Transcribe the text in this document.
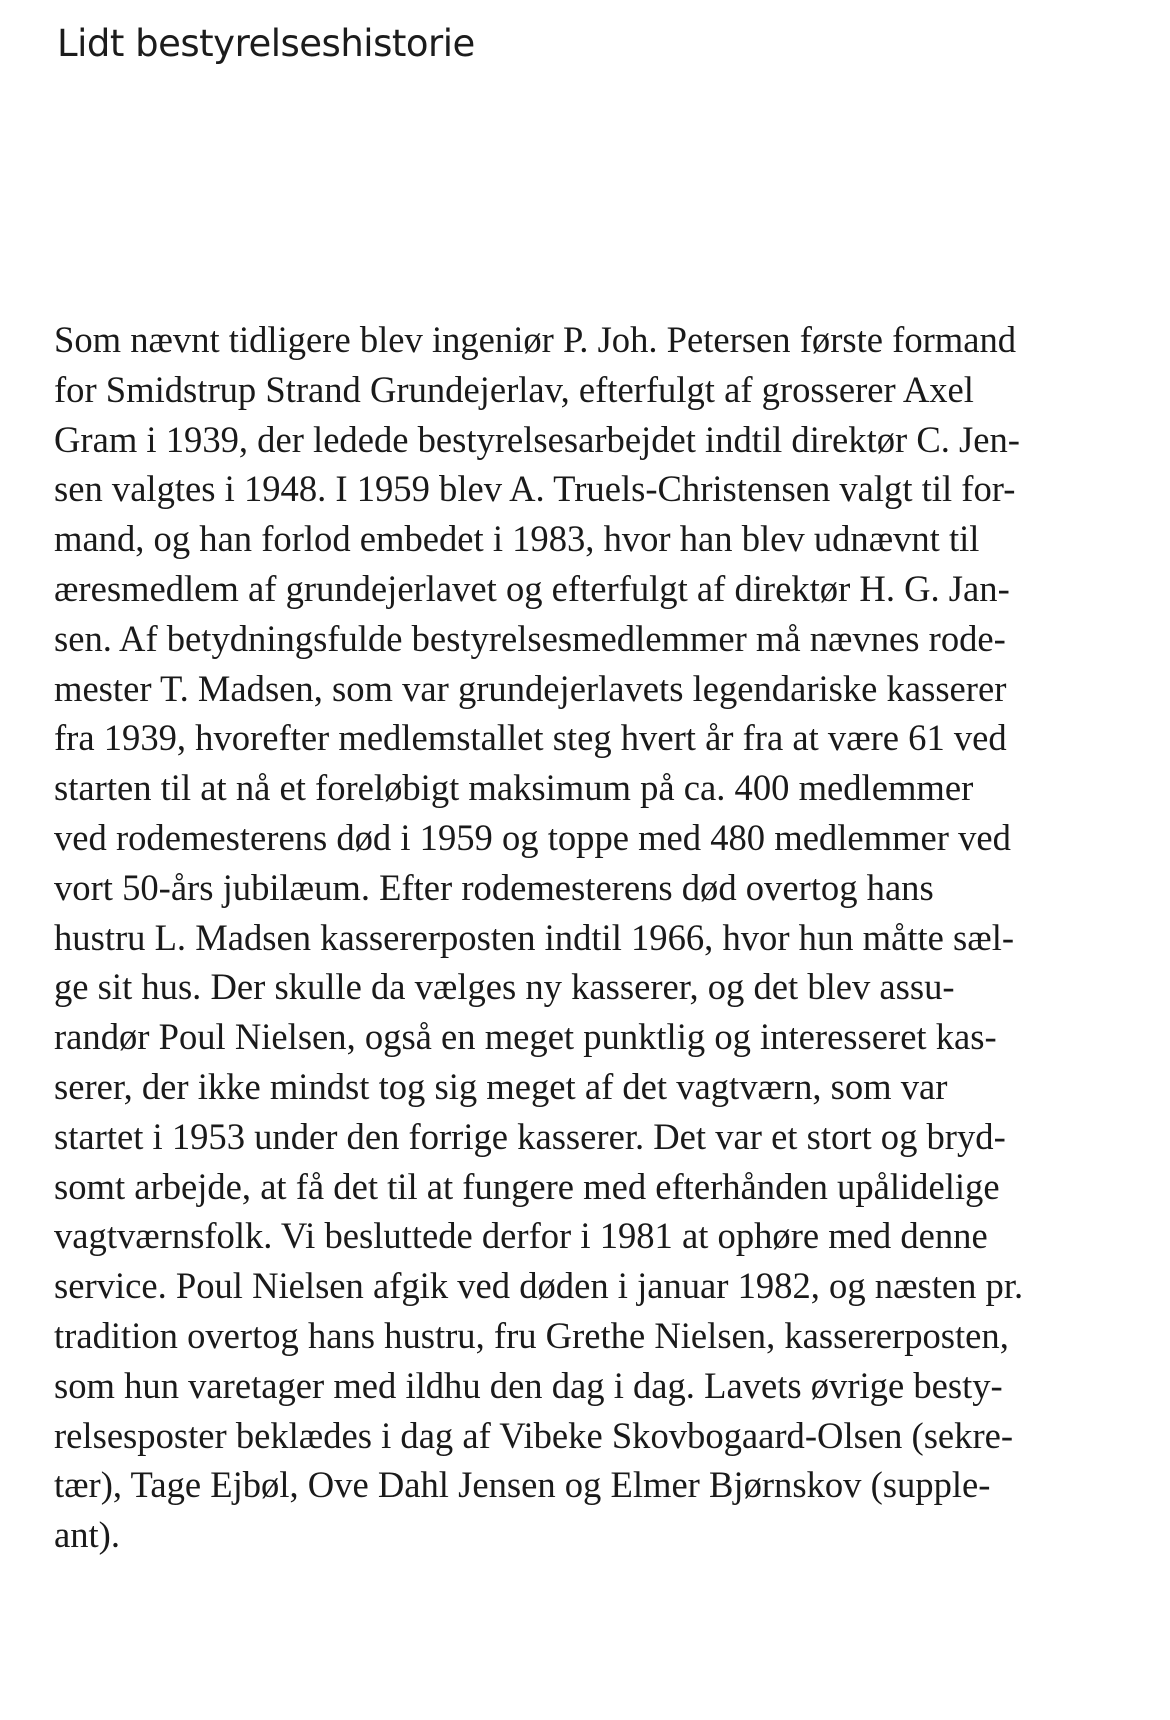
Lidt bestyrelseshistorie
Som nævnt tidligere blev ingeniør P. Joh. Petersen første formand
for Smidstrup Strand Grundejerlav, efterfulgt af grosserer Axel
Gram i 1939, der ledede bestyrelsesarbejdet indtil direktør C. Jen-
sen valgtes i 1948. I 1959 blev A. Truels-Christensen valgt til for-
mand, og han forlod embedet i 1983, hvor han blev udnævnt til
æresmedlem af grundejerlavet og efterfulgt af direktør H. G. Jan-
sen. Af betydningsfulde bestyrelsesmedlemmer må nævnes rode-
mester T. Madsen, som var grundejerlavets legendariske kasserer
fra 1939, hvorefter medlemstallet steg hvert år fra at være 61 ved
starten til at nå et foreløbigt maksimum på ca. 400 medlemmer
ved rodemesterens død i 1959 og toppe med 480 medlemmer ved
vort 50-års jubilæum. Efter rodemesterens død overtog hans
hustru L. Madsen kassererposten indtil 1966, hvor hun måtte sæl-
ge sit hus. Der skulle da vælges ny kasserer, og det blev assu-
randør Poul Nielsen, også en meget punktlig og interesseret kas-
serer, der ikke mindst tog sig meget af det vagtværn, som var
startet i 1953 under den forrige kasserer. Det var et stort og bryd-
somt arbejde, at få det til at fungere med efterhånden upålidelige
vagtværnsfolk. Vi besluttede derfor i 1981 at ophøre med denne
service. Poul Nielsen afgik ved døden i januar 1982, og næsten pr.
tradition overtog hans hustru, fru Grethe Nielsen, kassererposten,
som hun varetager med ildhu den dag i dag. Lavets øvrige besty-
relsesposter beklædes i dag af Vibeke Skovbogaard-Olsen (sekre-
tær), Tage Ejbøl, Ove Dahl Jensen og Elmer Bjørnskov (supple-
ant).
